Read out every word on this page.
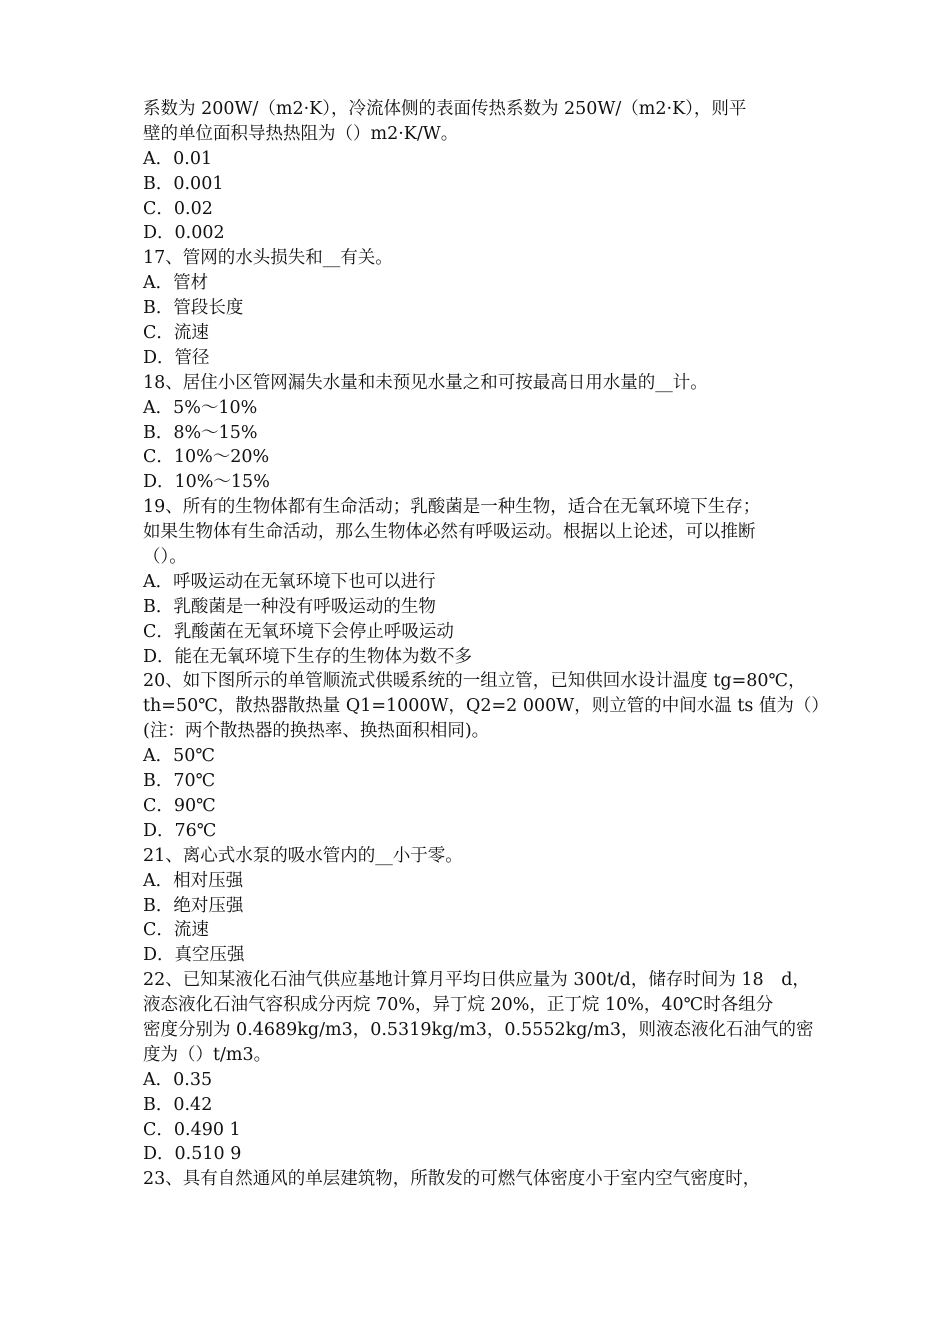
系数为 200W/（m2·K），冷流体侧的表面传热系数为 250W/（m2·K），则平
壁的单位面积导热热阻为（）m2·K/W。
A．0.01
B．0.001
C．0.02
D．0.002
17、管网的水头损失和__有关。
A．管材
B．管段长度
C．流速
D．管径
18、居住小区管网漏失水量和未预见水量之和可按最高日用水量的__计。
A．5%～10%
B．8%～15%
C．10%～20%
D．10%～15%
19、所有的生物体都有生命活动；乳酸菌是一种生物，适合在无氧环境下生存；
如果生物体有生命活动，那么生物体必然有呼吸运动。根据以上论述，可以推断
（）。
A．呼吸运动在无氧环境下也可以进行
B．乳酸菌是一种没有呼吸运动的生物
C．乳酸菌在无氧环境下会停止呼吸运动
D．能在无氧环境下生存的生物体为数不多
20、如下图所示的单管顺流式供暖系统的一组立管，已知供回水设计温度 tg=80℃，
th=50℃，散热器散热量 Q1=1000W，Q2=2 000W，则立管的中间水温 ts 值为（）
(注：两个散热器的换热率、换热面积相同)。
A．50℃
B．70℃
C．90℃
D．76℃
21、离心式水泵的吸水管内的__小于零。
A．相对压强
B．绝对压强
C．流速
D．真空压强
22、已知某液化石油气供应基地计算月平均日供应量为 300t/d，储存时间为 18　d，
液态液化石油气容积成分丙烷 70%，异丁烷 20%，正丁烷 10%，40℃时各组分
密度分别为 0.4689kg/m3，0.5319kg/m3，0.5552kg/m3，则液态液化石油气的密
度为（）t/m3。
A．0.35
B．0.42
C．0.490 1
D．0.510 9
23、具有自然通风的单层建筑物，所散发的可燃气体密度小于室内空气密度时，
